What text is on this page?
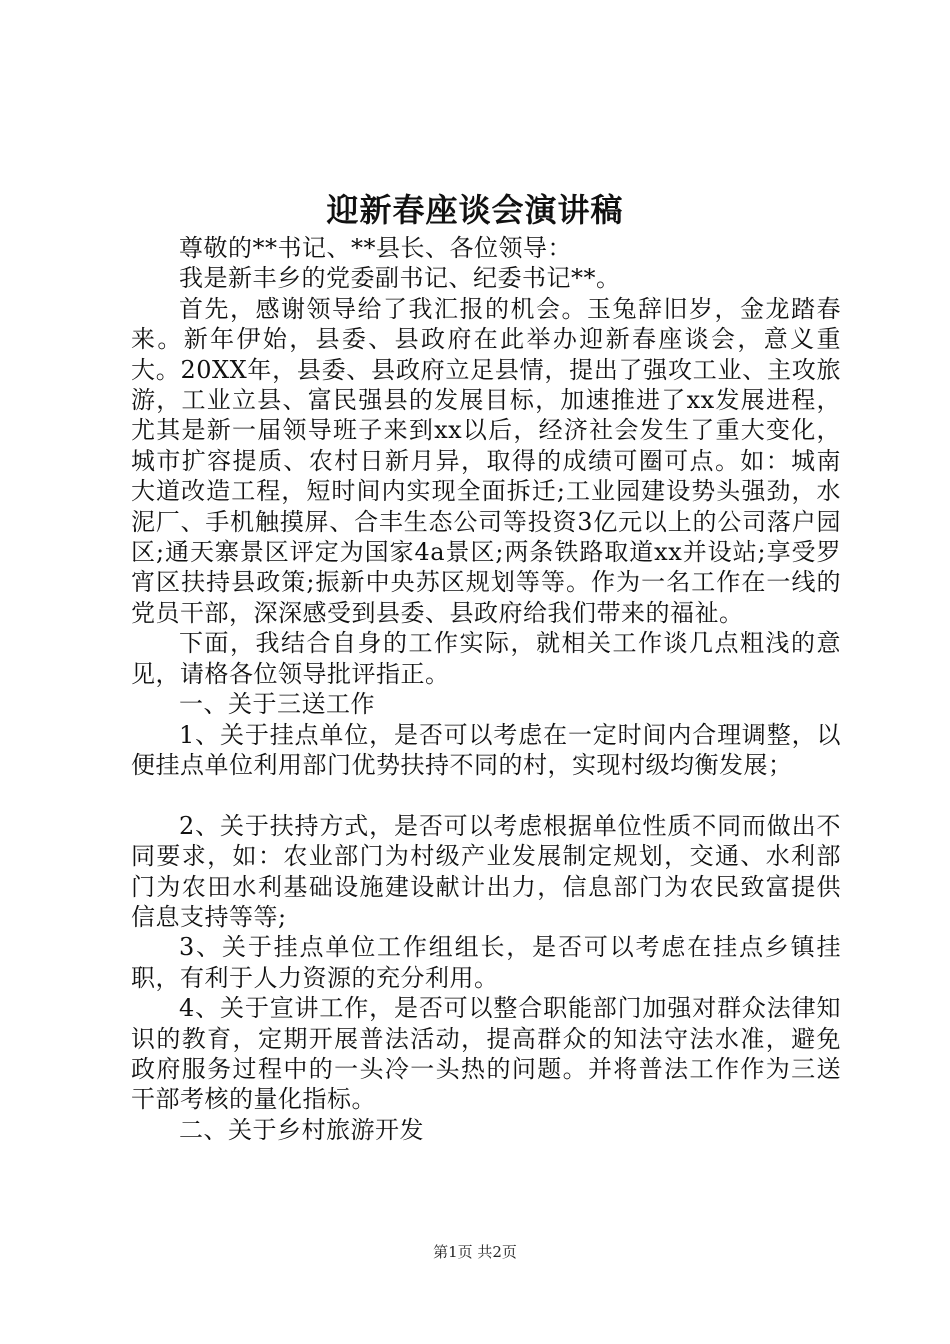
迎新春座谈会演讲稿

尊敬的**书记、**县长、各位领导：

我是新丰乡的党委副书记、纪委书记**。

首先，感谢领导给了我汇报的机会。玉兔辞旧岁，金龙踏春来。新年伊始，县委、县政府在此举办迎新春座谈会，意义重大。20XX年，县委、县政府立足县情，提出了强攻工业、主攻旅游，工业立县、富民强县的发展目标，加速推进了xx发展进程，尤其是新一届领导班子来到xx以后，经济社会发生了重大变化，城市扩容提质、农村日新月异，取得的成绩可圈可点。如：城南大道改造工程，短时间内实现全面拆迁;工业园建设势头强劲，水泥厂、手机触摸屏、合丰生态公司等投资3亿元以上的公司落户园区;通天寨景区评定为国家4a景区;两条铁路取道xx并设站;享受罗宵区扶持县政策;振新中央苏区规划等等。作为一名工作在一线的党员干部，深深感受到县委、县政府给我们带来的福祉。

下面，我结合自身的工作实际，就相关工作谈几点粗浅的意见，请格各位领导批评指正。

一、关于三送工作

1、关于挂点单位，是否可以考虑在一定时间内合理调整，以便挂点单位利用部门优势扶持不同的村，实现村级均衡发展；

2、关于扶持方式，是否可以考虑根据单位性质不同而做出不同要求，如：农业部门为村级产业发展制定规划，交通、水利部门为农田水利基础设施建设献计出力，信息部门为农民致富提供信息支持等等;

3、关于挂点单位工作组组长，是否可以考虑在挂点乡镇挂职，有利于人力资源的充分利用。

4、关于宣讲工作，是否可以整合职能部门加强对群众法律知识的教育，定期开展普法活动，提高群众的知法守法水准，避免政府服务过程中的一头冷一头热的问题。并将普法工作作为三送干部考核的量化指标。

二、关于乡村旅游开发

第1页 共2页
